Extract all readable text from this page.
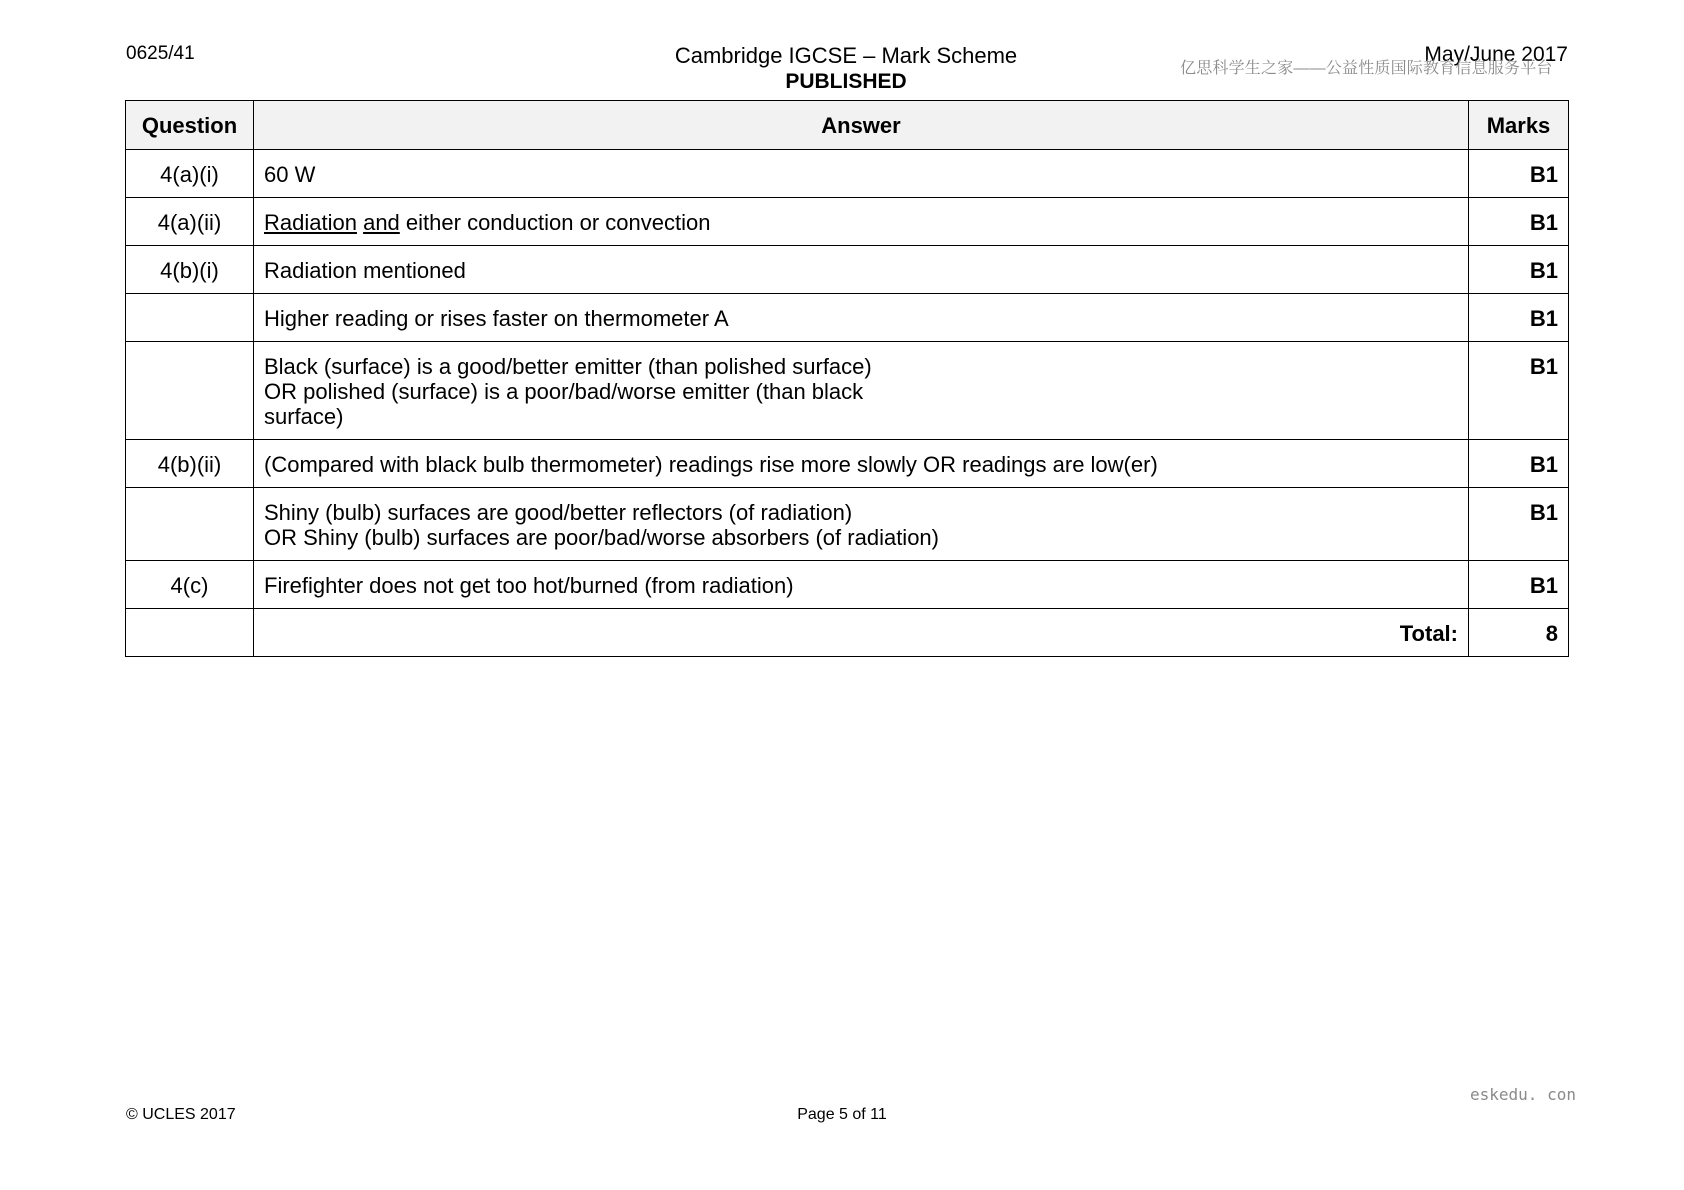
0625/41	Cambridge IGCSE – Mark Scheme
PUBLISHED
May/June 2017
亿思科学生之家——公益性质国际教育信息服务平台
Question	Answer	Marks
4(a)(i)	60 W	B1
4(a)(ii)	Radiation and either conduction or convection	B1
4(b)(i)	Radiation mentioned	B1
	Higher reading or rises faster on thermometer A	B1

	Black (surface) is a good/better emitter (than polished surface)
OR polished (surface) is a poor/bad/worse emitter (than black
surface)	B1
4(b)(ii)	(Compared with black bulb thermometer) readings rise more slowly OR readings are low(er)	B1

	Shiny (bulb) surfaces are good/better reflectors (of radiation)
OR Shiny (bulb) surfaces are poor/bad/worse absorbers (of radiation)	B1
4(c)	Firefighter does not get too hot/burned (from radiation)	B1
	Total:	8
eskedu. con
© UCLES 2017	Page 5 of 11
